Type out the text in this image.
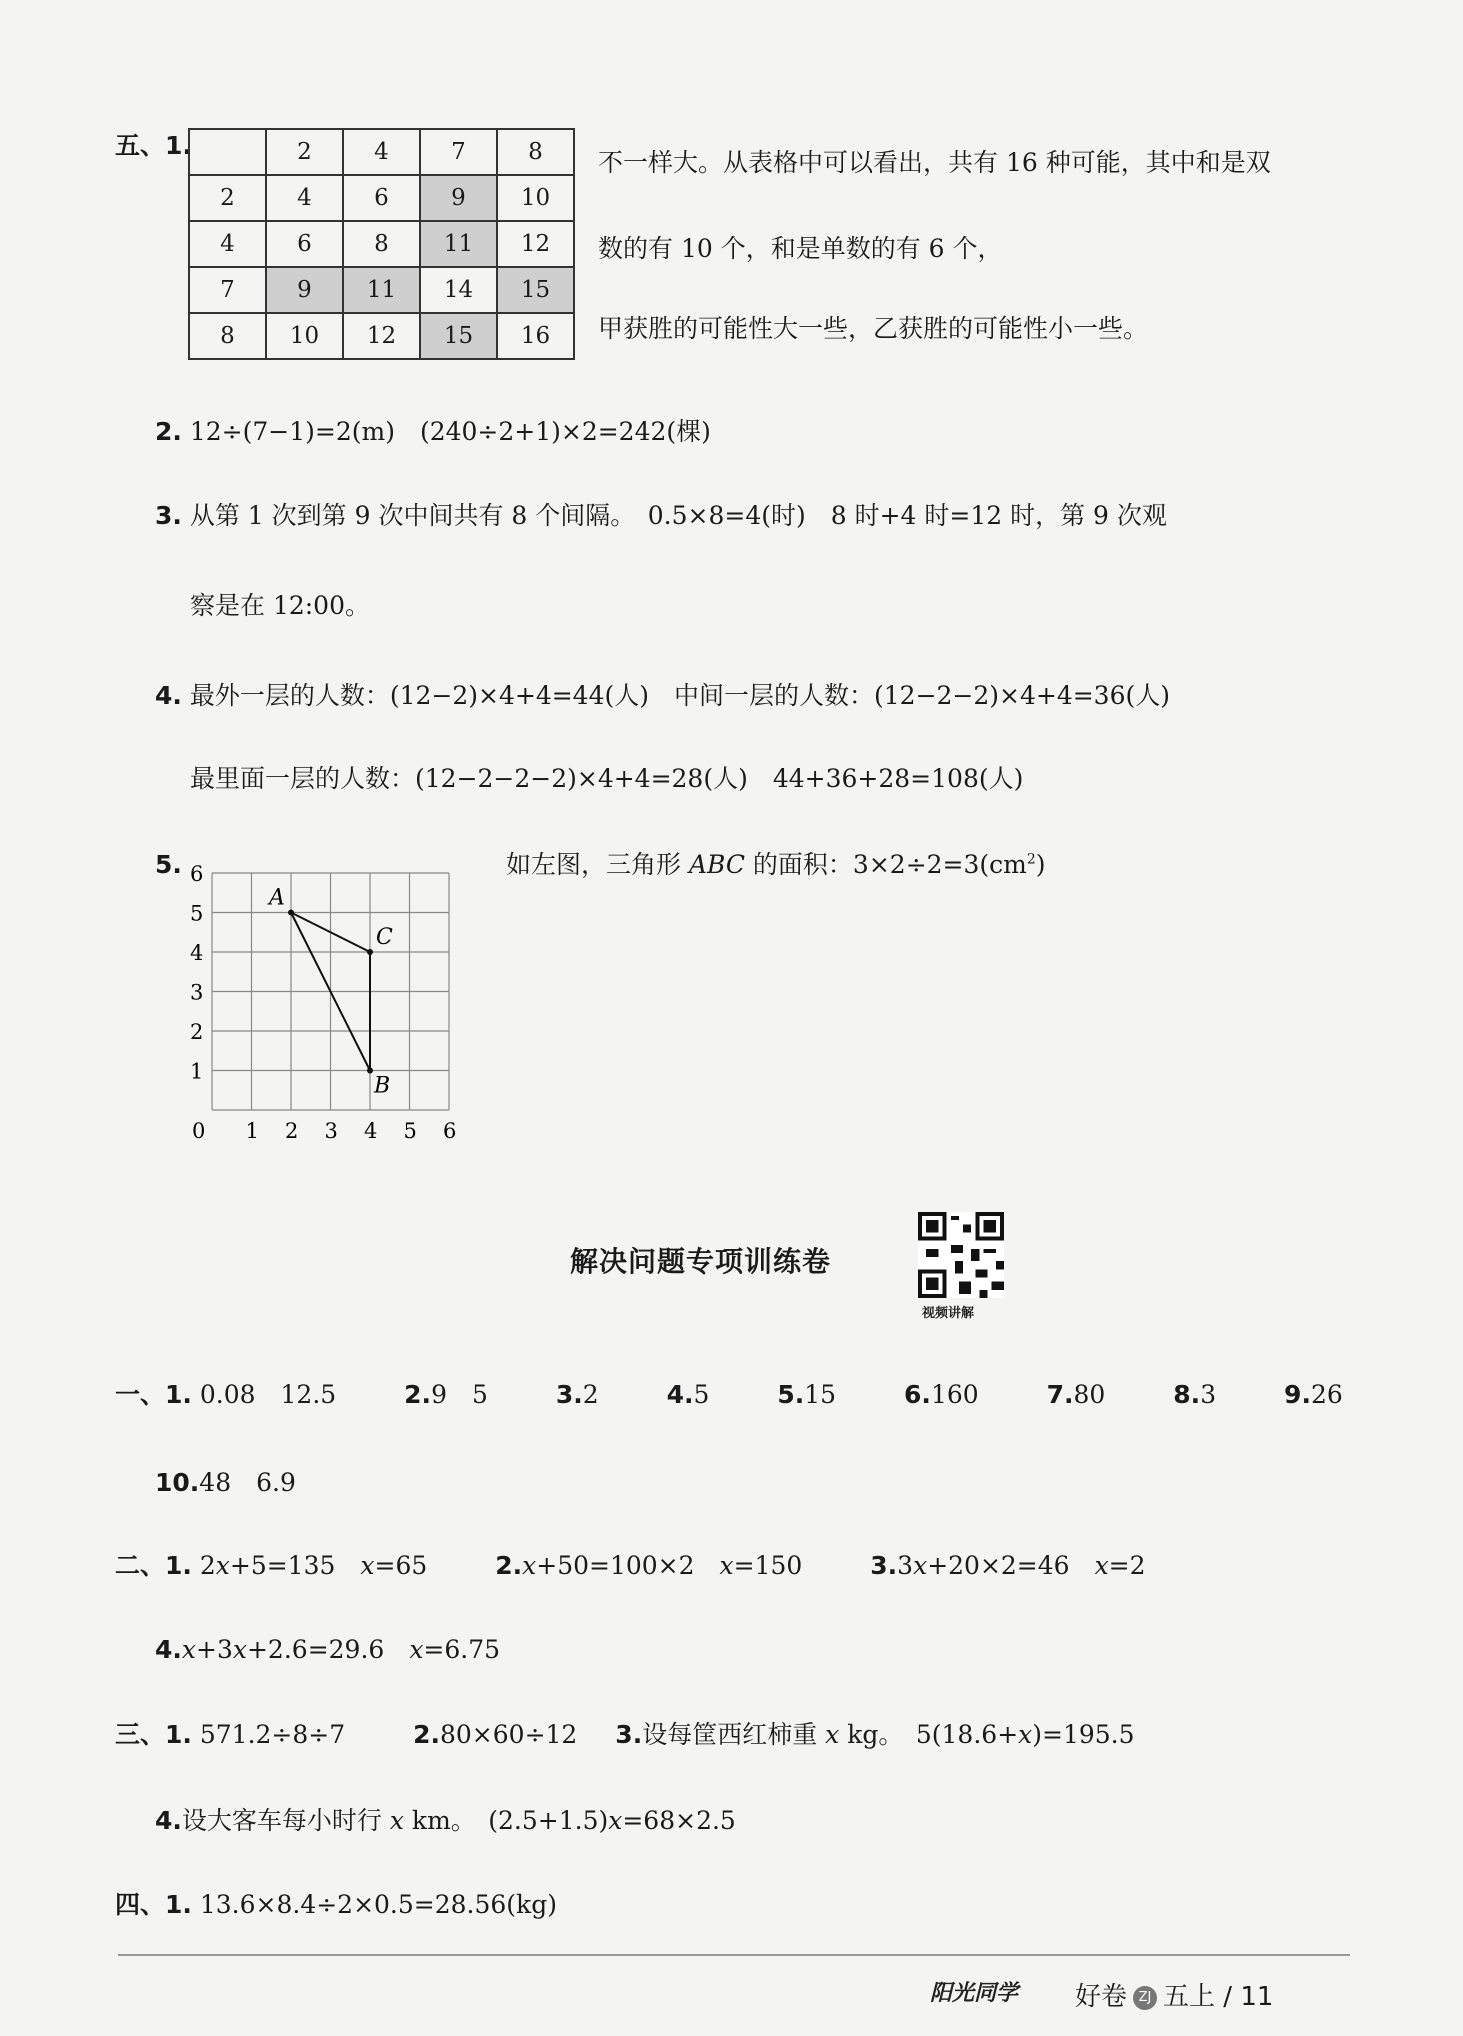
五、1.
		2	4	7	8
2	4	6	9	10
4	6	8	11	12
7	9	11	14	15
8	10	12	15	16
不一样大。从表格中可以看出，共有 16 种可能，其中和是双
数的有 10 个，和是单数的有 6 个，
甲获胜的可能性大一些，乙获胜的可能性小一些。
2. 12÷(7−1)=2(m)　(240÷2+1)×2=242(棵)
3. 从第 1 次到第 9 次中间共有 8 个间隔。　0.5×8=4(时)　8 时+4 时=12 时，第 9 次观
察是在 12:00。
4. 最外一层的人数：(12−2)×4+4=44(人)　中间一层的人数：(12−2−2)×4+4=36(人)
最里面一层的人数：(12−2−2−2)×4+4=28(人)　44+36+28=108(人)
5.	如左图，三角形 ABC 的面积：$3\times 2\div 2=3(cm^2)$
0 1 2 3 4 5 6
1
2
3
4
5
6
A
C
B
解决问题专项训练卷
视频讲解
一、1. 0.08　12.5	2.9　5	3.2	4.5	5.15	6.160	7.80	8.3	9.26
10.48　6.9
二、1. 2x+5=135　x=65	2.x+50=100×2　x=150	3.3x+20×2=46　x=2
4.x+3x+2.6=29.6　x=6.75
三、1. 571.2÷8÷7	2.80×60÷12 3.设每筐西红柿重 x kg。　5(18.6+x)=195.5
4.设大客车每小时行 x km。　(2.5+1.5)x=68×2.5
四、1. 13.6×8.4÷2×0.5=28.56(kg)
阳光同学 好卷 ZJ 五上 / 11
